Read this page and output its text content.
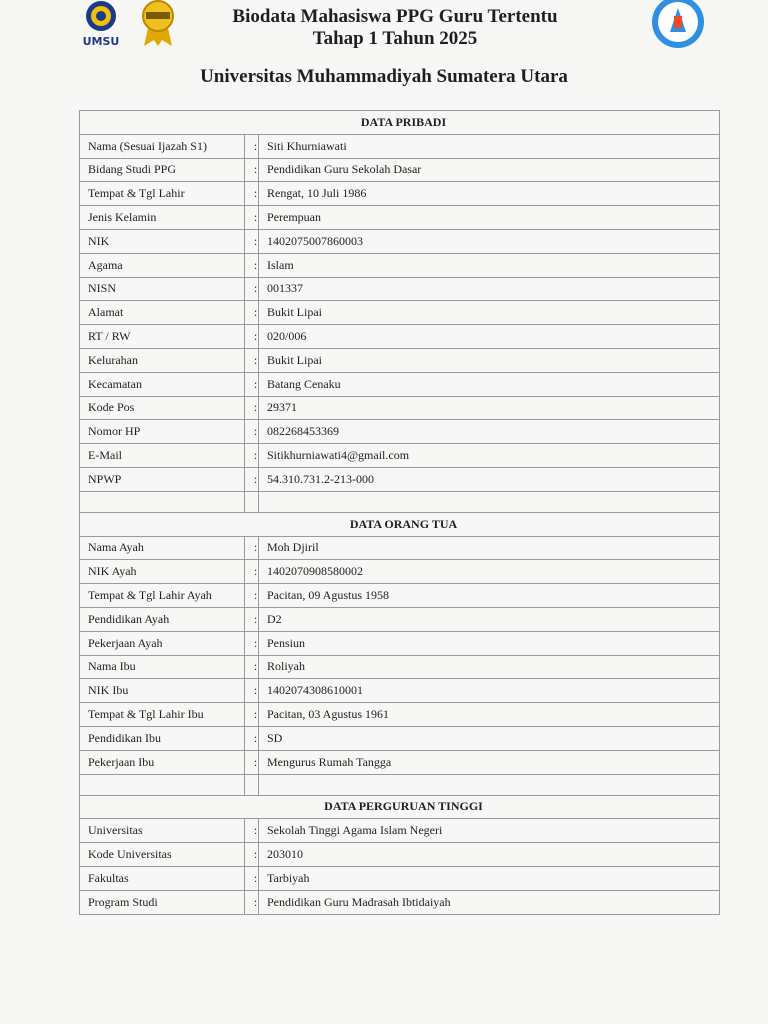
UMSU
Biodata Mahasiswa PPG Guru Tertentu
Tahap 1 Tahun 2025
Universitas Muhammadiyah Sumatera Utara
DATA PRIBADI		
Nama (Sesuai Ijazah S1)	:	Siti Khurniawati
Bidang Studi PPG	:	Pendidikan Guru Sekolah Dasar
Tempat & Tgl Lahir	:	Rengat, 10 Juli 1986
Jenis Kelamin	:	Perempuan
NIK	:	1402075007860003
Agama	:	Islam
NISN	:	001337
Alamat	:	Bukit Lipai
RT / RW	:	020/006
Kelurahan	:	Bukit Lipai
Kecamatan	:	Batang Cenaku
Kode Pos	:	29371
Nomor HP	:	082268453369
E-Mail	:	Sitikhurniawati4@gmail.com
NPWP	:	54.310.731.2-213-000

DATA ORANG TUA		
Nama Ayah	:	Moh Djiril
NIK Ayah	:	1402070908580002
Tempat & Tgl Lahir Ayah	:	Pacitan, 09 Agustus 1958
Pendidikan Ayah	:	D2
Pekerjaan Ayah	:	Pensiun
Nama Ibu	:	Roliyah
NIK Ibu	:	1402074308610001
Tempat & Tgl Lahir Ibu	:	Pacitan, 03 Agustus 1961
Pendidikan Ibu	:	SD
Pekerjaan Ibu	:	Mengurus Rumah Tangga

DATA PERGURUAN TINGGI		
Universitas	:	Sekolah Tinggi Agama Islam Negeri
Kode Universitas	:	203010
Fakultas	:	Tarbiyah
Program Studi	:	Pendidikan Guru Madrasah Ibtidaiyah
